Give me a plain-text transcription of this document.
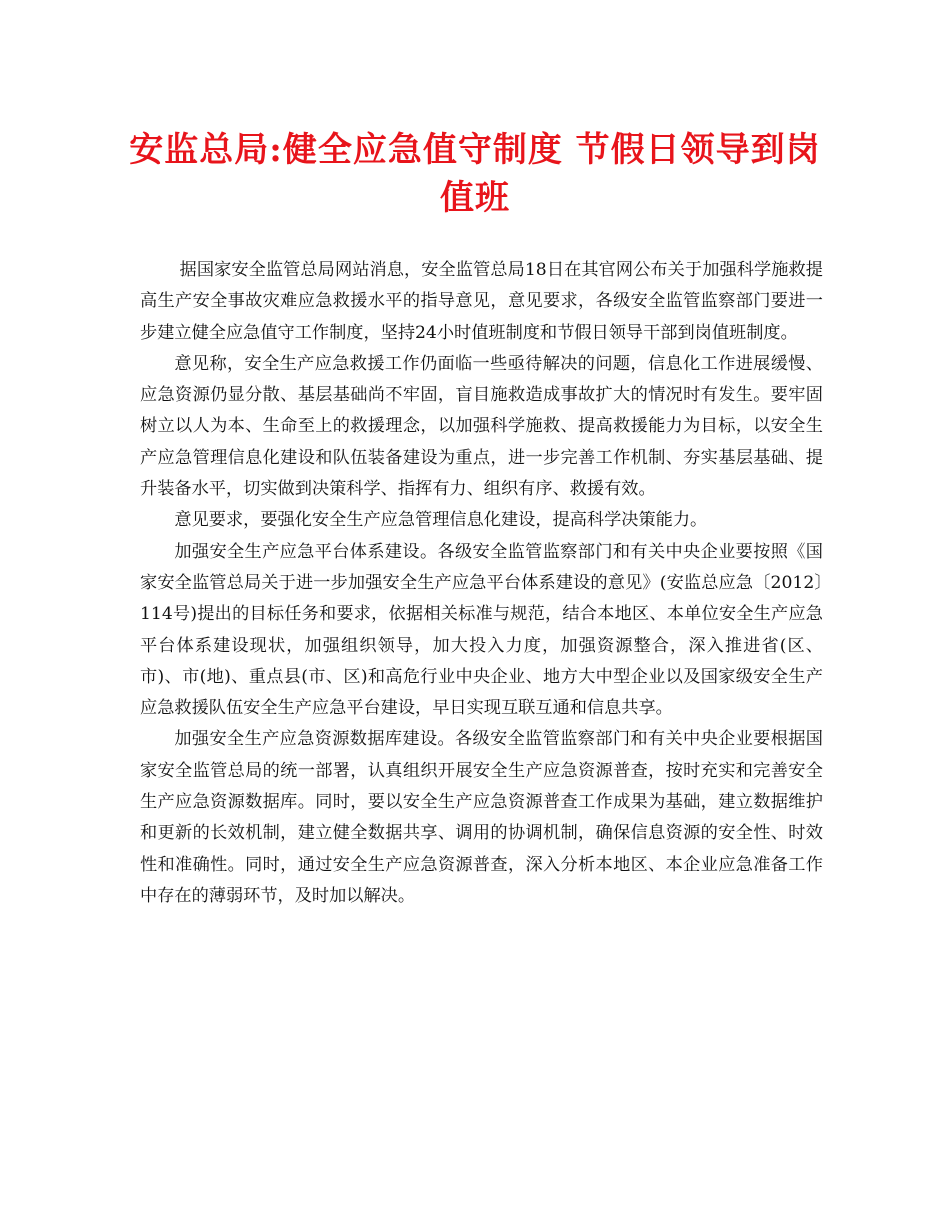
安监总局:健全应急值守制度 节假日领导到岗值班

据国家安全监管总局网站消息，安全监管总局18日在其官网公布关于加强科学施救提高生产安全事故灾难应急救援水平的指导意见，意见要求，各级安全监管监察部门要进一步建立健全应急值守工作制度，坚持24小时值班制度和节假日领导干部到岗值班制度。

意见称，安全生产应急救援工作仍面临一些亟待解决的问题，信息化工作进展缓慢、应急资源仍显分散、基层基础尚不牢固，盲目施救造成事故扩大的情况时有发生。要牢固树立以人为本、生命至上的救援理念，以加强科学施救、提高救援能力为目标，以安全生产应急管理信息化建设和队伍装备建设为重点，进一步完善工作机制、夯实基层基础、提升装备水平，切实做到决策科学、指挥有力、组织有序、救援有效。

意见要求，要强化安全生产应急管理信息化建设，提高科学决策能力。

加强安全生产应急平台体系建设。各级安全监管监察部门和有关中央企业要按照《国家安全监管总局关于进一步加强安全生产应急平台体系建设的意见》(安监总应急〔2012〕114号)提出的目标任务和要求，依据相关标准与规范，结合本地区、本单位安全生产应急平台体系建设现状，加强组织领导，加大投入力度，加强资源整合，深入推进省(区、市)、市(地)、重点县(市、区)和高危行业中央企业、地方大中型企业以及国家级安全生产应急救援队伍安全生产应急平台建设，早日实现互联互通和信息共享。

加强安全生产应急资源数据库建设。各级安全监管监察部门和有关中央企业要根据国家安全监管总局的统一部署，认真组织开展安全生产应急资源普查，按时充实和完善安全生产应急资源数据库。同时，要以安全生产应急资源普查工作成果为基础，建立数据维护和更新的长效机制，建立健全数据共享、调用的协调机制，确保信息资源的安全性、时效性和准确性。同时，通过安全生产应急资源普查，深入分析本地区、本企业应急准备工作中存在的薄弱环节，及时加以解决。
